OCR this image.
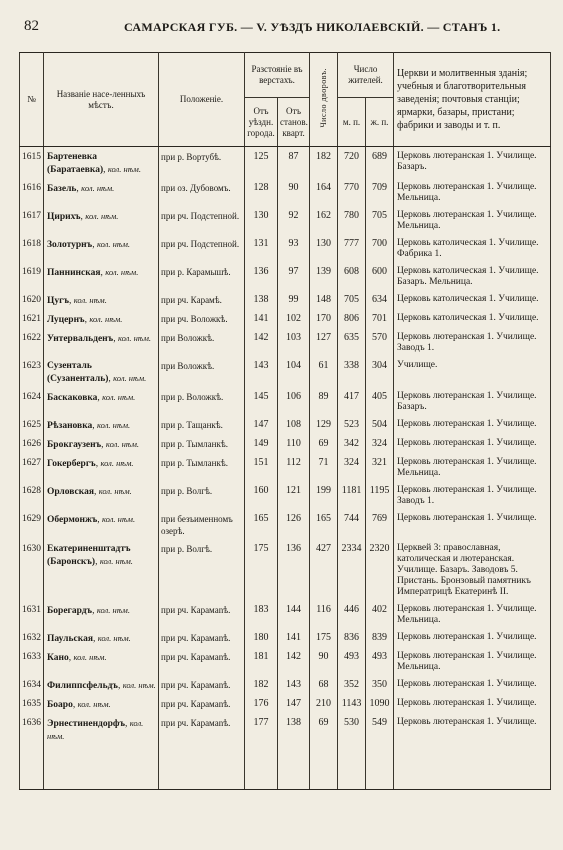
82	САМАРСКАЯ ГУБ. — V. УѢЗДЪ НИКОЛАЕВСКІЙ. — СТАНЪ 1.
№	Названіе насе-ленныхъ мѣстъ.	Положеніе.	Разстояніе въ верстахъ.		Число дворовъ.	Число жителей.		Церкви и молитвенныя зданія; учебныя и благотворительныя заведенія; почтовыя станціи; ярмарки, базары, пристани; фабрики и заводы и т. п.
			Отъ уѣздн. города.	Отъ станов. кварт.		м. п.	ж. п.	
1615	Бартеневка (Баратаевка), кол. нѣм.	при р. Вортубѣ.	125	87	182	720	689	Церковь лютеранская 1. Училище. Базаръ.
1616	Базель, кол. нѣм.	при оз. Дубовомъ.	128	90	164	770	709	Церковь лютеранская 1. Училище. Мельница.
1617	Цирихъ, кол. нѣм.	при рч. Подстепной.	130	92	162	780	705	Церковь лютеранская 1. Училище. Мельница.
1618	Золотурнъ, кол. нѣм.	при рч. Подстепной.	131	93	130	777	700	Церковь католическая 1. Училище. Фабрика 1.
1619	Паннинская, кол. нѣм.	при р. Карамышѣ.	136	97	139	608	600	Церковь католическая 1. Училище. Базаръ. Мельница.
1620	Цугъ, кол. нѣм.	при рч. Карамѣ.	138	99	148	705	634	Церковь католическая 1. Училище.
1621	Луцернъ, кол. нѣм.	при рч. Воложкѣ.	141	102	170	806	701	Церковь католическая 1. Училище.
1622	Унтервальденъ, кол. нѣм.	при Воложкѣ.	142	103	127	635	570	Церковь лютеранская 1. Училище. Заводъ 1.
1623	Сузенталь (Сузаненталь), кол. нѣм.	при Воложкѣ.	143	104	61	338	304	Училище.
1624	Баскаковка, кол. нѣм.	при р. Воложкѣ.	145	106	89	417	405	Церковь лютеранская 1. Училище. Базаръ.
1625	Рѣзановка, кол. нѣм.	при р. Тащанкѣ.	147	108	129	523	504	Церковь лютеранская 1. Училище.
1626	Брокгаузенъ, кол. нѣм.	при р. Тымланкѣ.	149	110	69	342	324	Церковь лютеранская 1. Училище.
1627	Гокербергъ, кол. нѣм.	при р. Тымланкѣ.	151	112	71	324	321	Церковь лютеранская 1. Училище. Мельница.
1628	Орловская, кол. нѣм.	при р. Волгѣ.	160	121	199	1181	1195	Церковь лютеранская 1. Училище. Заводъ 1.
1629	Обермонжъ, кол. нѣм.	при безъименномъ озерѣ.	165	126	165	744	769	Церковь лютеранская 1. Училище.
1630	Екатериненштадтъ (Баронскъ), кол. нѣм.	при р. Волгѣ.	175	136	427	2334	2320	Церквей 3: православная, католическая и лютеранская. Училище. Базаръ. Заводовъ 5. Пристань. Бронзовый памятникъ Императрицѣ Екатеринѣ II.
1631	Борегардъ, кол. нѣм.	при рч. Карамanѣ.	183	144	116	446	402	Церковь лютеранская 1. Училище. Мельница.
1632	Паульская, кол. нѣм.	при рч. Карамanѣ.	180	141	175	836	839	Церковь лютеранская 1. Училище.
1633	Кано, кол. нѣм.	при рч. Карамanѣ.	181	142	90	493	493	Церковь лютеранская 1. Училище. Мельница.
1634	Филиппсфельдъ, кол. нѣм.	при рч. Карамanѣ.	182	143	68	352	350	Церковь лютеранская 1. Училище.
1635	Боаро, кол. нѣм.	при рч. Карамanѣ.	176	147	210	1143	1090	Церковь лютеранская 1. Училище.
1636	Эрнестинендорфъ, кол. нѣм.	при рч. Карамanѣ.	177	138	69	530	549	Церковь лютеранская 1. Училище.
